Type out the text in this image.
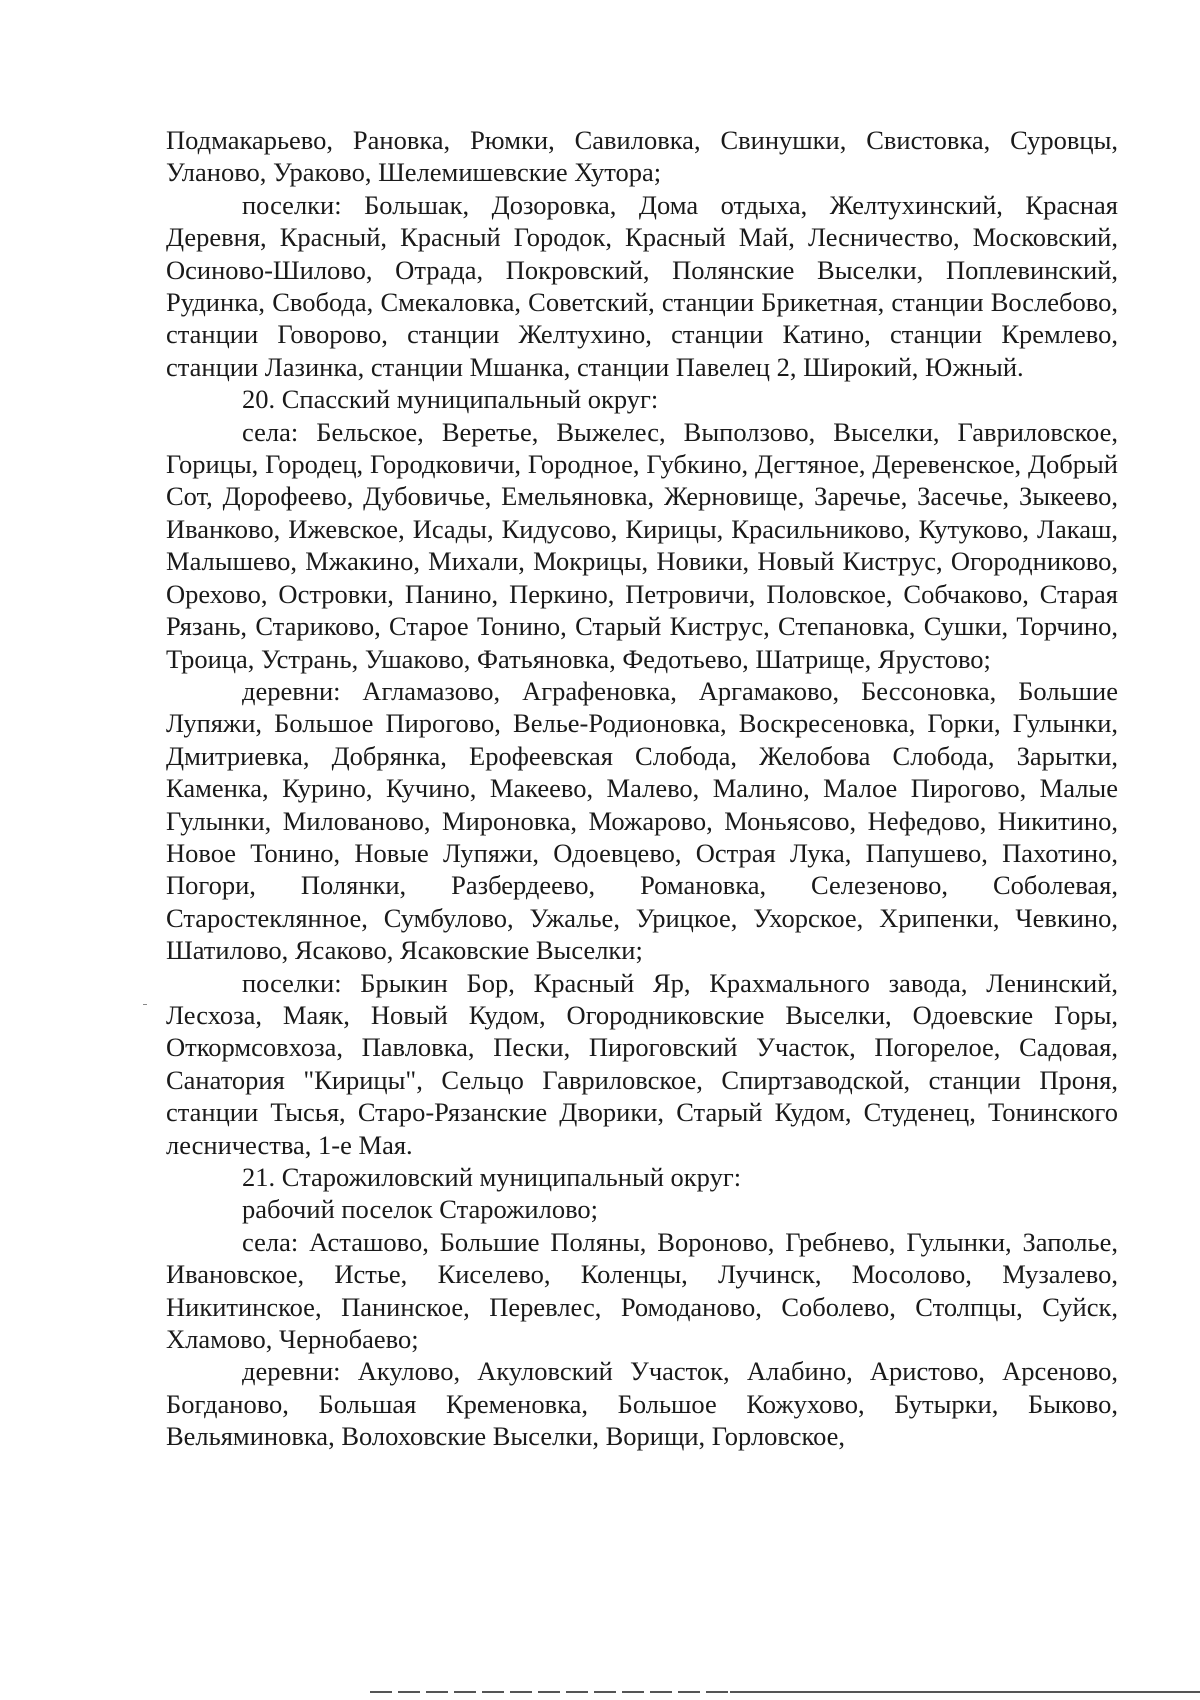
Подмакарьево, Рановка, Рюмки, Савиловка, Свинушки, Свистовка, Суровцы, Уланово, Ураково, Шелемишевские Хутора;

поселки: Большак, Дозоровка, Дома отдыха, Желтухинский, Красная Деревня, Красный, Красный Городок, Красный Май, Лесничество, Московский, Осиново-Шилово, Отрада, Покровский, Полянские Выселки, Поплевинский, Рудинка, Свобода, Смекаловка, Советский, станции Брикетная, станции Вослебово, станции Говорово, станции Желтухино, станции Катино, станции Кремлево, станции Лазинка, станции Мшанка, станции Павелец 2, Широкий, Южный.

20. Спасский муниципальный округ:

села: Бельское, Веретье, Выжелес, Выползово, Выселки, Гавриловское, Горицы, Городец, Городковичи, Городное, Губкино, Дегтяное, Деревенское, Добрый Сот, Дорофеево, Дубовичье, Емельяновка, Жерновище, Заречье, Засечье, Зыкеево, Иванково, Ижевское, Исады, Кидусово, Кирицы, Красильниково, Кутуково, Лакаш, Малышево, Мжакино, Михали, Мокрицы, Новики, Новый Киструс, Огородниково, Орехово, Островки, Панино, Перкино, Петровичи, Половское, Собчаково, Старая Рязань, Стариково, Старое Тонино, Старый Киструс, Степановка, Сушки, Торчино, Троица, Устрань, Ушаково, Фатьяновка, Федотьево, Шатрище, Ярустово;

деревни: Агламазово, Аграфеновка, Аргамаково, Бессоновка, Большие Лупяжи, Большое Пирогово, Велье-Родионовка, Воскресеновка, Горки, Гулынки, Дмитриевка, Добрянка, Ерофеевская Слобода, Желобова Слобода, Зарытки, Каменка, Курино, Кучино, Макеево, Малево, Малино, Малое Пирогово, Малые Гулынки, Милованово, Мироновка, Можарово, Моньясово, Нефедово, Никитино, Новое Тонино, Новые Лупяжи, Одоевцево, Острая Лука, Папушево, Пахотино, Погори, Полянки, Разбердеево, Романовка, Селезеново, Соболевая, Старостеклянное, Сумбулово, Ужалье, Урицкое, Ухорское, Хрипенки, Чевкино, Шатилово, Ясаково, Ясаковские Выселки;

поселки: Брыкин Бор, Красный Яр, Крахмального завода, Ленинский, Лесхоза, Маяк, Новый Кудом, Огородниковские Выселки, Одоевские Горы, Откормсовхоза, Павловка, Пески, Пироговский Участок, Погорелое, Садовая, Санатория "Кирицы", Сельцо Гавриловское, Спиртзаводской, станции Проня, станции Тысья, Старо-Рязанские Дворики, Старый Кудом, Студенец, Тонинского лесничества, 1-е Мая.

21. Старожиловский муниципальный округ:

рабочий поселок Старожилово;

села: Асташово, Большие Поляны, Вороново, Гребнево, Гулынки, Заполье, Ивановское, Истье, Киселево, Коленцы, Лучинск, Мосолово, Музалево, Никитинское, Панинское, Перевлес, Ромоданово, Соболево, Столпцы, Суйск, Хламово, Чернобаево;

деревни: Акулово, Акуловский Участок, Алабино, Аристово, Арсеново, Богданово, Большая Кременовка, Большое Кожухово, Бутырки, Быково, Вельяминовка, Волоховские Выселки, Ворищи, Горловское,
